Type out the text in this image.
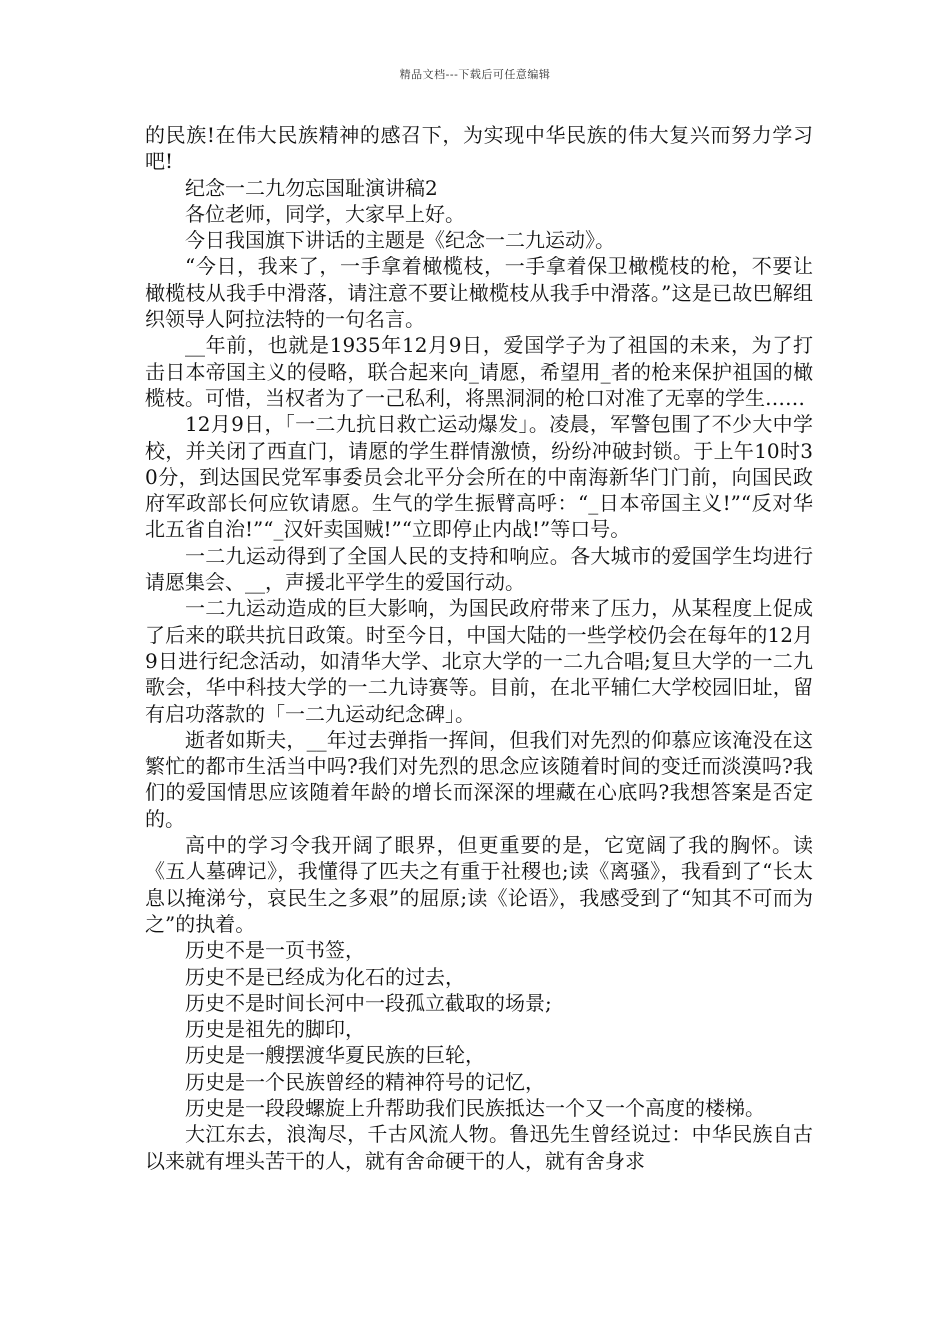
精品文档---下载后可任意编辑

的民族!在伟大民族精神的感召下，为实现中华民族的伟大复兴而努力学习吧!

纪念一二九勿忘国耻演讲稿2

各位老师，同学，大家早上好。

今日我国旗下讲话的主题是《纪念一二九运动》。

“今日，我来了，一手拿着橄榄枝，一手拿着保卫橄榄枝的枪，不要让橄榄枝从我手中滑落，请注意不要让橄榄枝从我手中滑落。”这是已故巴解组织领导人阿拉法特的一句名言。

__年前，也就是1935年12月9日，爱国学子为了祖国的未来，为了打击日本帝国主义的侵略，联合起来向_请愿，希望用_者的枪来保护祖国的橄榄枝。可惜，当权者为了一己私利，将黑洞洞的枪口对准了无辜的学生……

12月9日，「一二九抗日救亡运动爆发」。凌晨，军警包围了不少大中学校，并关闭了西直门，请愿的学生群情激愤，纷纷冲破封锁。于上午10时30分，到达国民党军事委员会北平分会所在的中南海新华门门前，向国民政府军政部长何应钦请愿。生气的学生振臂高呼：“_日本帝国主义!”“反对华北五省自治!”“_汉奸卖国贼!”“立即停止内战!”等口号。

一二九运动得到了全国人民的支持和响应。各大城市的爱国学生均进行请愿集会、__，声援北平学生的爱国行动。

一二九运动造成的巨大影响，为国民政府带来了压力，从某程度上促成了后来的联共抗日政策。时至今日，中国大陆的一些学校仍会在每年的12月9日进行纪念活动，如清华大学、北京大学的一二九合唱;复旦大学的一二九歌会，华中科技大学的一二九诗赛等。目前，在北平辅仁大学校园旧址，留有启功落款的「一二九运动纪念碑」。

逝者如斯夫，__年过去弹指一挥间，但我们对先烈的仰慕应该淹没在这繁忙的都市生活当中吗?我们对先烈的思念应该随着时间的变迁而淡漠吗?我们的爱国情思应该随着年龄的增长而深深的埋藏在心底吗?我想答案是否定的。

高中的学习令我开阔了眼界，但更重要的是，它宽阔了我的胸怀。读《五人墓碑记》，我懂得了匹夫之有重于社稷也;读《离骚》，我看到了“长太息以掩涕兮，哀民生之多艰”的屈原;读《论语》，我感受到了“知其不可而为之”的执着。

历史不是一页书签，

历史不是已经成为化石的过去，

历史不是时间长河中一段孤立截取的场景;

历史是祖先的脚印，

历史是一艘摆渡华夏民族的巨轮，

历史是一个民族曾经的精神符号的记忆，

历史是一段段螺旋上升帮助我们民族抵达一个又一个高度的楼梯。

大江东去，浪淘尽，千古风流人物。鲁迅先生曾经说过：中华民族自古以来就有埋头苦干的人，就有舍命硬干的人，就有舍身求
